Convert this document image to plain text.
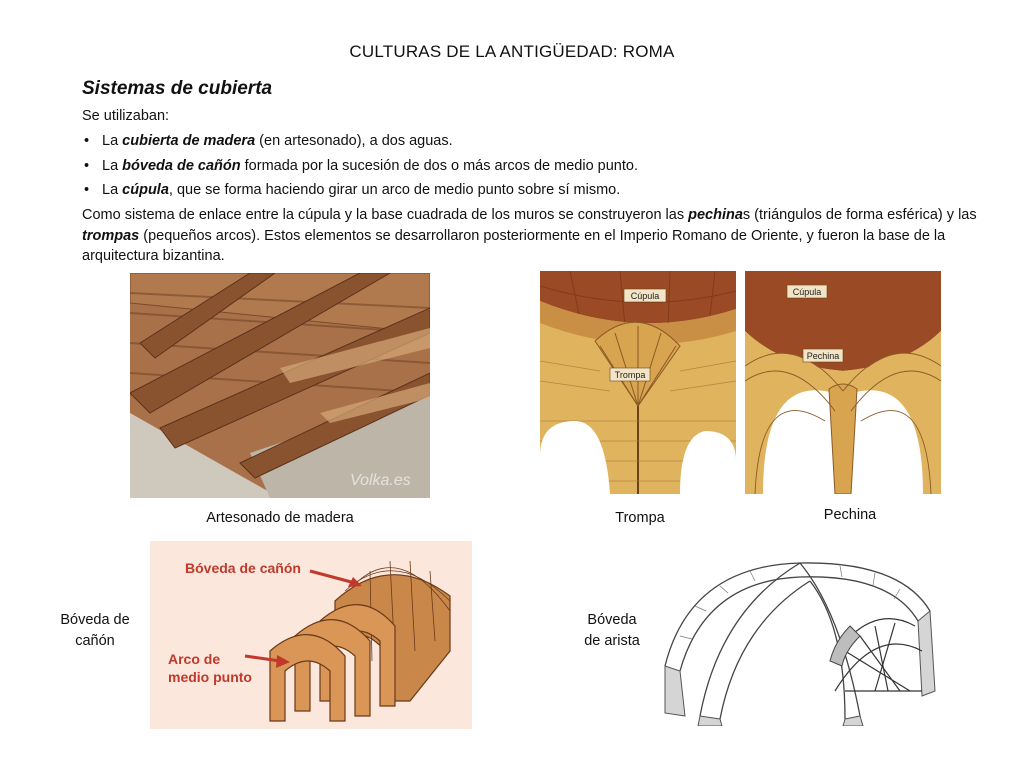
CULTURAS DE LA ANTIGÜEDAD: ROMA
Sistemas de cubierta
Se utilizaban:
• La cubierta de madera (en artesonado), a dos aguas.
• La bóveda de cañón formada por la sucesión de dos o más arcos de medio punto.
• La cúpula, que se forma haciendo girar un arco de medio punto sobre sí mismo.
Como sistema de enlace entre la cúpula y la base cuadrada de los muros se construyeron las pechinas (triángulos de forma esférica) y las trompas (pequeños arcos). Estos elementos se desarrollaron posteriormente en el Imperio Romano de Oriente, y fueron la base de la arquitectura bizantina.
Volka.es
Artesonado de madera
Cúpula
Trompa
Trompa
Cúpula
Pechina
Pechina
Bóveda de
cañón
Bóveda de cañón
Arco de
medio punto
Bóveda
de arista
